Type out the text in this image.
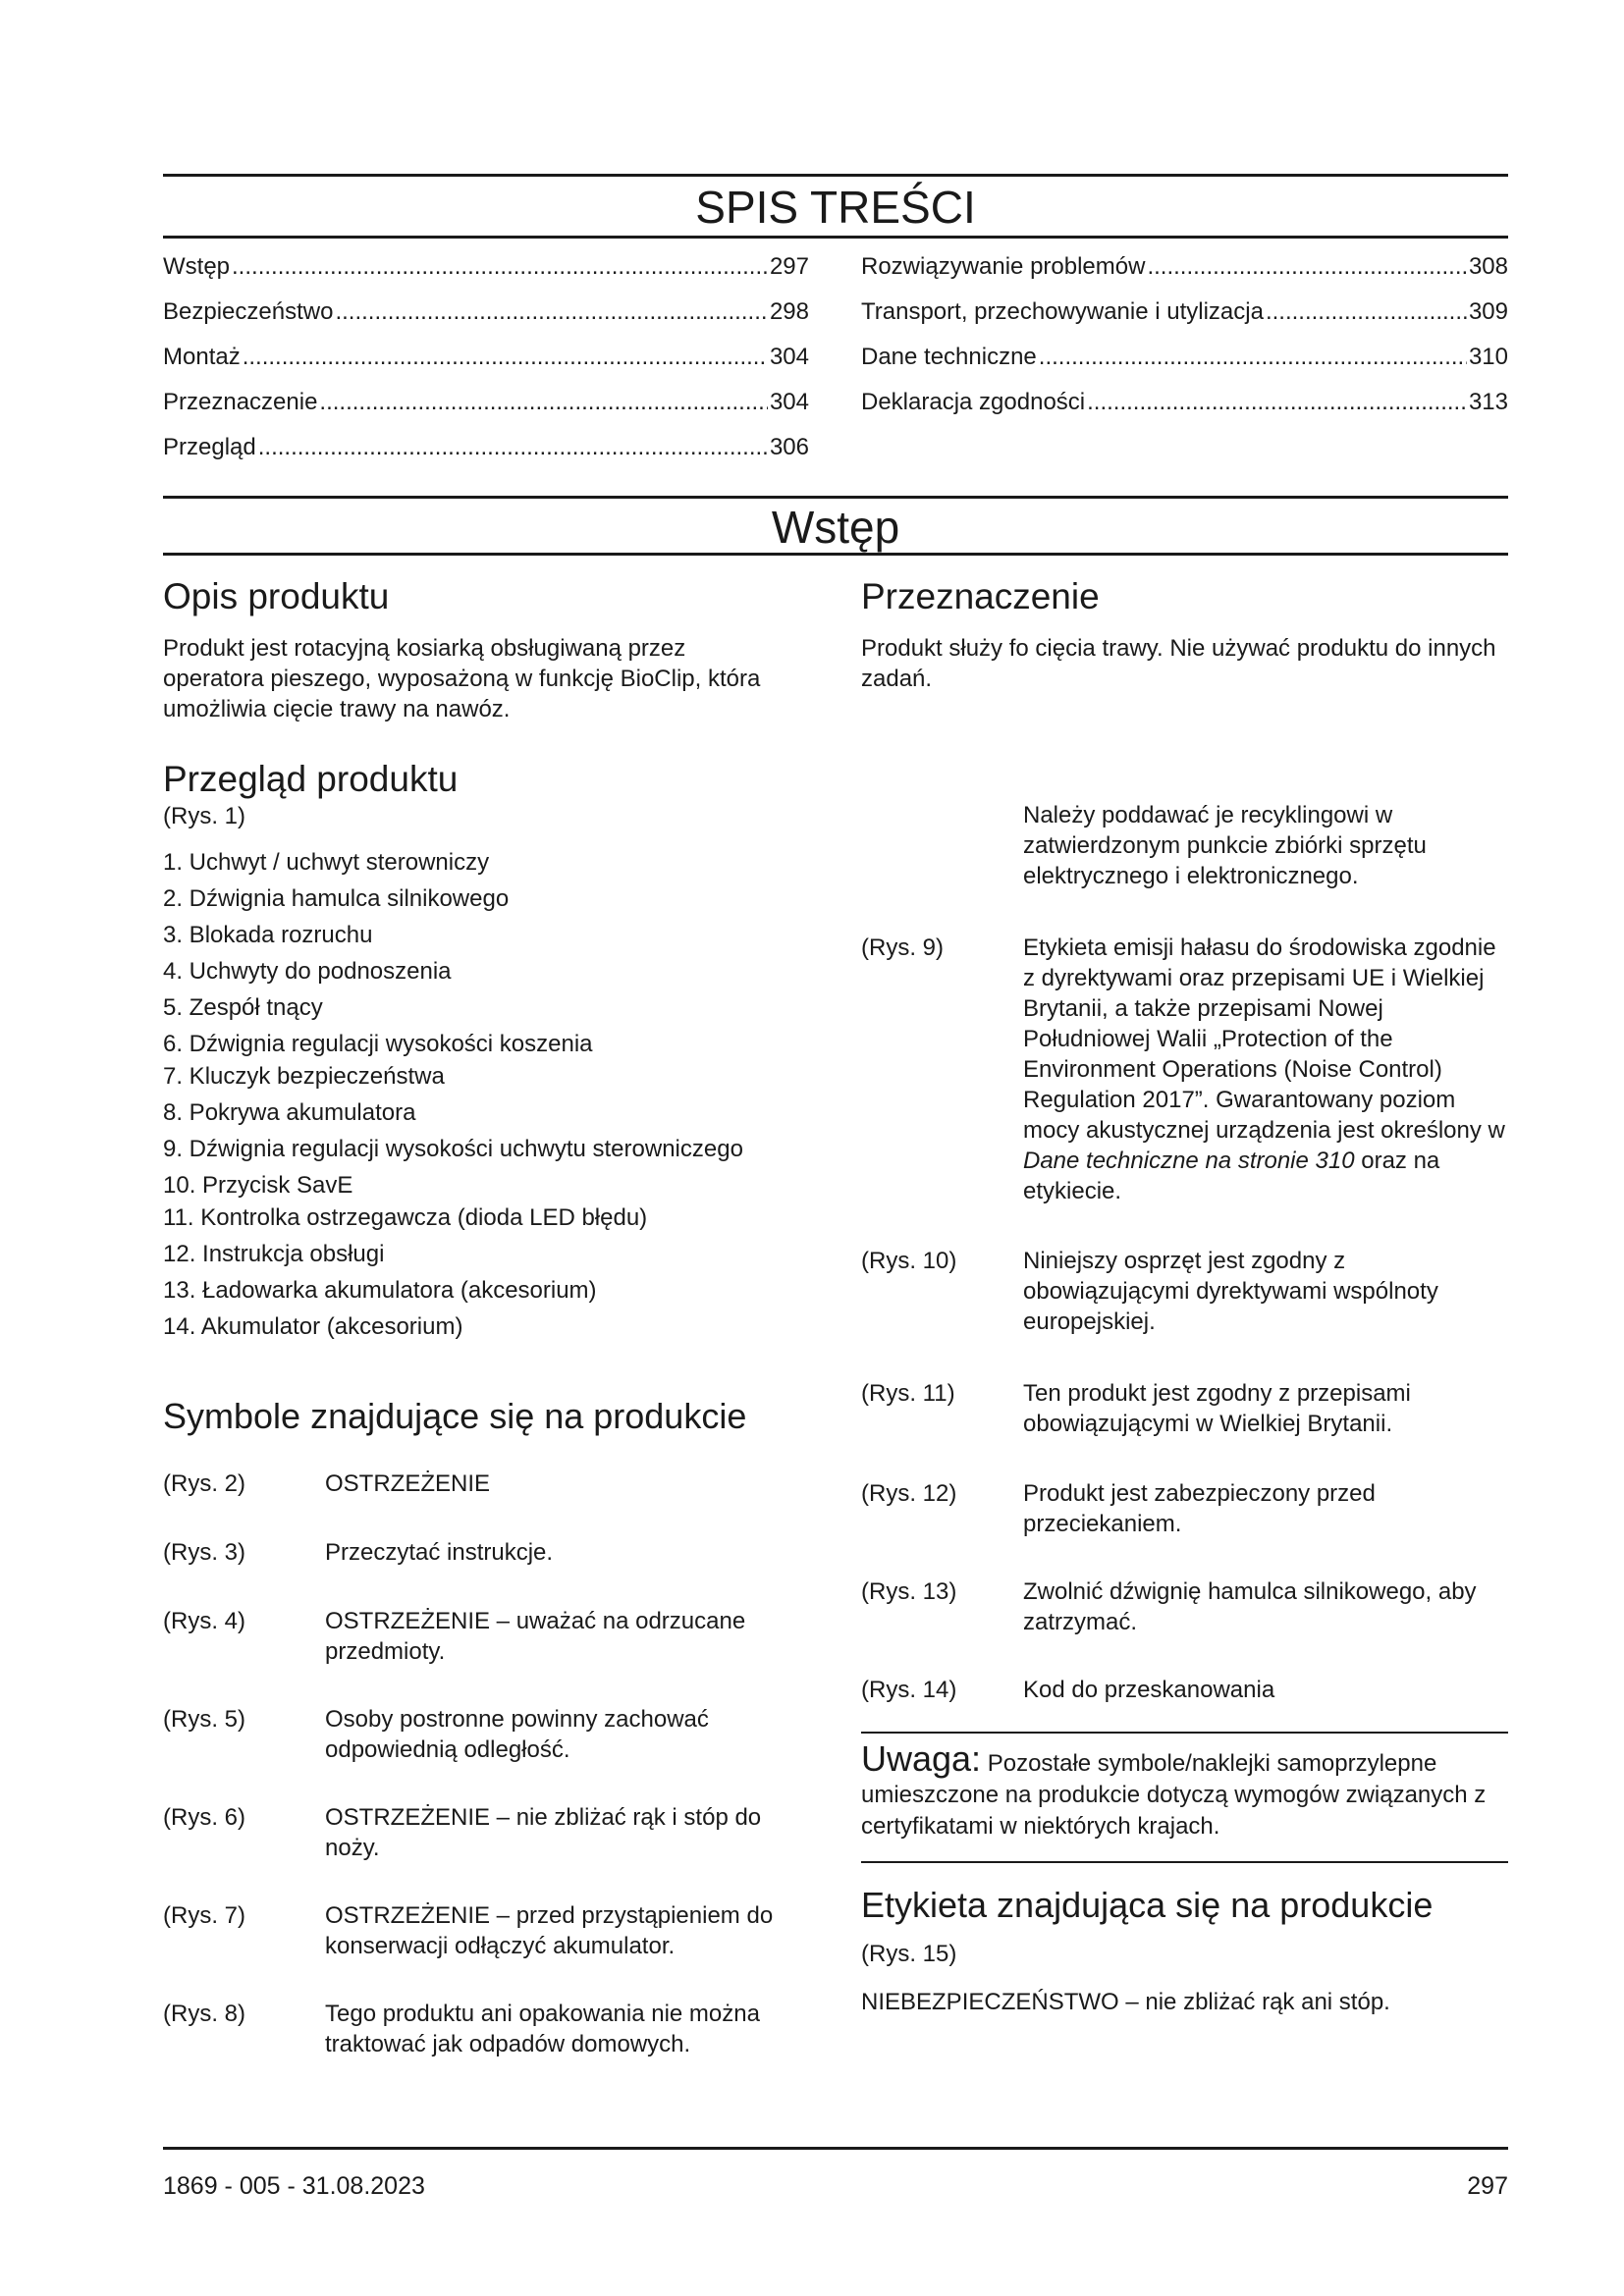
SPIS TREŚCI
Wstęp .....	297
Bezpieczeństwo .....	298
Montaż .....	304
Przeznaczenie .....	304
Przegląd .....	306
Rozwiązywanie problemów .....	308
Transport, przechowywanie i utylizacja .....	309
Dane techniczne .....	310
Deklaracja zgodności .....	313
Wstęp
Opis produktu
Produkt jest rotacyjną kosiarką obsługiwaną przez operatora pieszego, wyposażoną w funkcję BioClip, która umożliwia cięcie trawy na nawóz.
Przegląd produktu
(Rys. 1)
1. Uchwyt / uchwyt sterowniczy
2. Dźwignia hamulca silnikowego
3. Blokada rozruchu
4. Uchwyty do podnoszenia
5. Zespół tnący
6. Dźwignia regulacji wysokości koszenia
7. Kluczyk bezpieczeństwa
8. Pokrywa akumulatora
9. Dźwignia regulacji wysokości uchwytu sterowniczego
10. Przycisk SavE
11. Kontrolka ostrzegawcza (dioda LED błędu)
12. Instrukcja obsługi
13. Ładowarka akumulatora (akcesorium)
14. Akumulator (akcesorium)
Symbole znajdujące się na produkcie
(Rys. 2)	OSTRZEŻENIE
(Rys. 3)	Przeczytać instrukcje.
(Rys. 4)	OSTRZEŻENIE – uważać na odrzucane przedmioty.
(Rys. 5)	Osoby postronne powinny zachować odpowiednią odległość.
(Rys. 6)	OSTRZEŻENIE – nie zbliżać rąk i stóp do noży.
(Rys. 7)	OSTRZEŻENIE – przed przystąpieniem do konserwacji odłączyć akumulator.
(Rys. 8)	Tego produktu ani opakowania nie można traktować jak odpadów domowych.
Przeznaczenie
Produkt służy fo cięcia trawy. Nie używać produktu do innych zadań.
Należy poddawać je recyklingowi w zatwierdzonym punkcie zbiórki sprzętu elektrycznego i elektronicznego.
(Rys. 9)	Etykieta emisji hałasu do środowiska zgodnie z dyrektywami oraz przepisami UE i Wielkiej Brytanii, a także przepisami Nowej Południowej Walii „Protection of the Environment Operations (Noise Control) Regulation 2017”. Gwarantowany poziom mocy akustycznej urządzenia jest określony w Dane techniczne na stronie 310 oraz na etykiecie.
(Rys. 10)	Niniejszy osprzęt jest zgodny z obowiązującymi dyrektywami wspólnoty europejskiej.
(Rys. 11)	Ten produkt jest zgodny z przepisami obowiązującymi w Wielkiej Brytanii.
(Rys. 12)	Produkt jest zabezpieczony przed przeciekaniem.
(Rys. 13)	Zwolnić dźwignię hamulca silnikowego, aby zatrzymać.
(Rys. 14)	Kod do przeskanowania
Uwaga: Pozostałe symbole/naklejki samoprzylepne umieszczone na produkcie dotyczą wymogów związanych z certyfikatami w niektórych krajach.
Etykieta znajdująca się na produkcie
(Rys. 15)
NIEBEZPIECZEŃSTWO – nie zbliżać rąk ani stóp.
1869 - 005 - 31.08.2023	297
